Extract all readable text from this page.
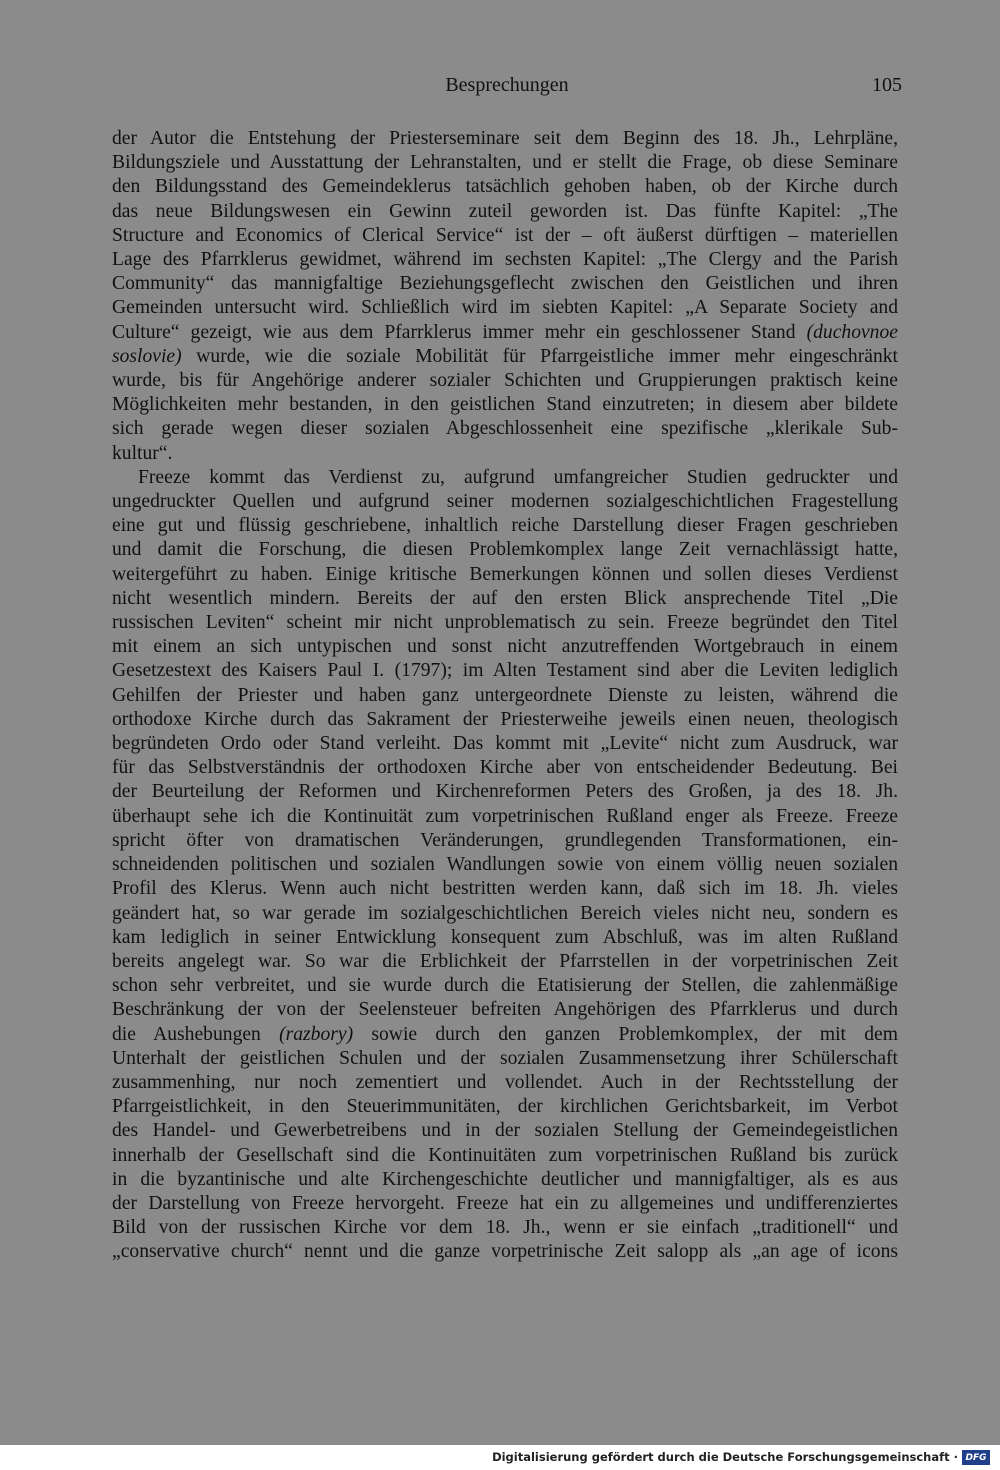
Besprechungen	105
der Autor die Entstehung der Priesterseminare seit dem Beginn des 18. Jh., Lehrpläne,
Bildungsziele und Ausstattung der Lehranstalten, und er stellt die Frage, ob diese Seminare
den Bildungsstand des Gemeindeklerus tatsächlich gehoben haben, ob der Kirche durch
das neue Bildungswesen ein Gewinn zuteil geworden ist. Das fünfte Kapitel: „The
Structure and Economics of Clerical Service“ ist der – oft äußerst dürftigen – materiellen
Lage des Pfarrklerus gewidmet, während im sechsten Kapitel: „The Clergy and the Parish
Community“ das mannigfaltige Beziehungsgeflecht zwischen den Geistlichen und ihren
Gemeinden untersucht wird. Schließlich wird im siebten Kapitel: „A Separate Society and
Culture“ gezeigt, wie aus dem Pfarrklerus immer mehr ein geschlossener Stand (duchovnoe
soslovie) wurde, wie die soziale Mobilität für Pfarrgeistliche immer mehr eingeschränkt
wurde, bis für Angehörige anderer sozialer Schichten und Gruppierungen praktisch keine
Möglichkeiten mehr bestanden, in den geistlichen Stand einzutreten; in diesem aber bildete
sich gerade wegen dieser sozialen Abgeschlossenheit eine spezifische „klerikale Sub-
kultur“.
Freeze kommt das Verdienst zu, aufgrund umfangreicher Studien gedruckter und
ungedruckter Quellen und aufgrund seiner modernen sozialgeschichtlichen Fragestellung
eine gut und flüssig geschriebene, inhaltlich reiche Darstellung dieser Fragen geschrieben
und damit die Forschung, die diesen Problemkomplex lange Zeit vernachlässigt hatte,
weitergeführt zu haben. Einige kritische Bemerkungen können und sollen dieses Verdienst
nicht wesentlich mindern. Bereits der auf den ersten Blick ansprechende Titel „Die
russischen Leviten“ scheint mir nicht unproblematisch zu sein. Freeze begründet den Titel
mit einem an sich untypischen und sonst nicht anzutreffenden Wortgebrauch in einem
Gesetzestext des Kaisers Paul I. (1797); im Alten Testament sind aber die Leviten lediglich
Gehilfen der Priester und haben ganz untergeordnete Dienste zu leisten, während die
orthodoxe Kirche durch das Sakrament der Priesterweihe jeweils einen neuen, theologisch
begründeten Ordo oder Stand verleiht. Das kommt mit „Levite“ nicht zum Ausdruck, war
für das Selbstverständnis der orthodoxen Kirche aber von entscheidender Bedeutung. Bei
der Beurteilung der Reformen und Kirchenreformen Peters des Großen, ja des 18. Jh.
überhaupt sehe ich die Kontinuität zum vorpetrinischen Rußland enger als Freeze. Freeze
spricht öfter von dramatischen Veränderungen, grundlegenden Transformationen, ein-
schneidenden politischen und sozialen Wandlungen sowie von einem völlig neuen sozialen
Profil des Klerus. Wenn auch nicht bestritten werden kann, daß sich im 18. Jh. vieles
geändert hat, so war gerade im sozialgeschichtlichen Bereich vieles nicht neu, sondern es
kam lediglich in seiner Entwicklung konsequent zum Abschluß, was im alten Rußland
bereits angelegt war. So war die Erblichkeit der Pfarrstellen in der vorpetrinischen Zeit
schon sehr verbreitet, und sie wurde durch die Etatisierung der Stellen, die zahlenmäßige
Beschränkung der von der Seelensteuer befreiten Angehörigen des Pfarrklerus und durch
die Aushebungen (razbory) sowie durch den ganzen Problemkomplex, der mit dem
Unterhalt der geistlichen Schulen und der sozialen Zusammensetzung ihrer Schülerschaft
zusammenhing, nur noch zementiert und vollendet. Auch in der Rechtsstellung der
Pfarrgeistlichkeit, in den Steuerimmunitäten, der kirchlichen Gerichtsbarkeit, im Verbot
des Handel- und Gewerbetreibens und in der sozialen Stellung der Gemeindegeistlichen
innerhalb der Gesellschaft sind die Kontinuitäten zum vorpetrinischen Rußland bis zurück
in die byzantinische und alte Kirchengeschichte deutlicher und mannigfaltiger, als es aus
der Darstellung von Freeze hervorgeht. Freeze hat ein zu allgemeines und undifferenziertes
Bild von der russischen Kirche vor dem 18. Jh., wenn er sie einfach „traditionell“ und
„conservative church“ nennt und die ganze vorpetrinische Zeit salopp als „an age of icons
Digitalisierung gefördert durch die Deutsche Forschungsgemeinschaft · DFG
